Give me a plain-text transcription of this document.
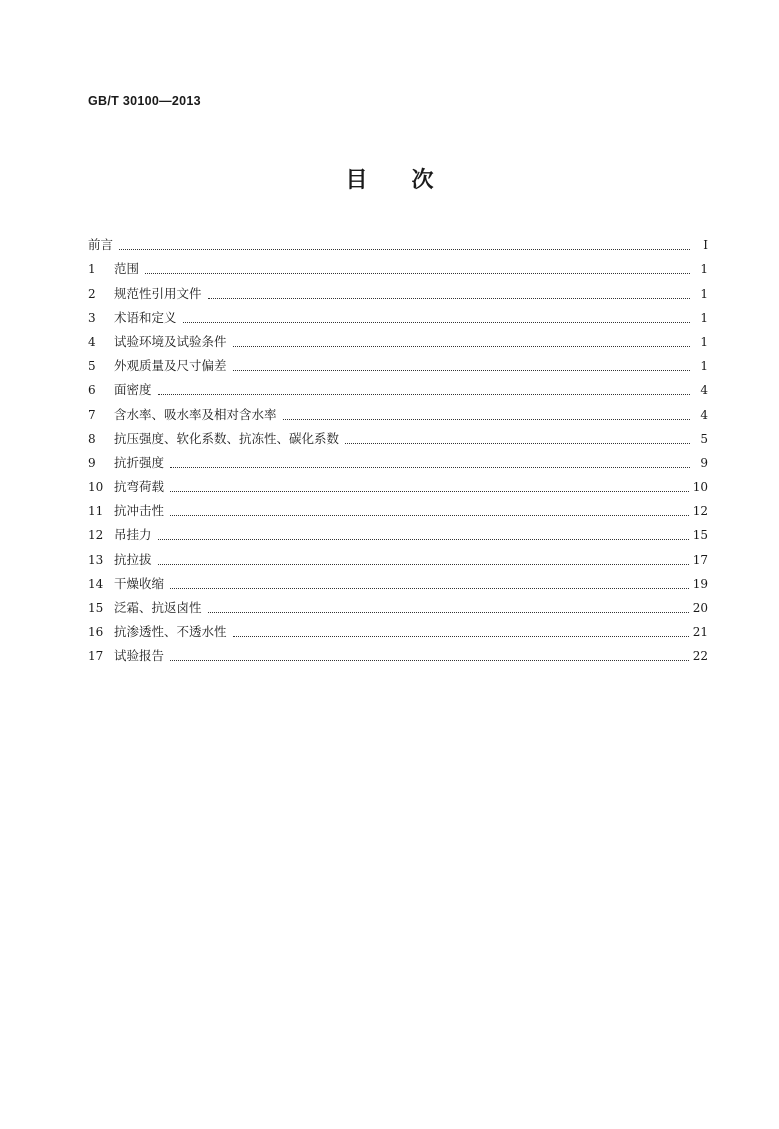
GB/T 30100—2013
目 次
前言	Ⅰ
1	范围	1
2	规范性引用文件	1
3	术语和定义	1
4	试验环境及试验条件	1
5	外观质量及尺寸偏差	1
6	面密度	4
7	含水率、吸水率及相对含水率	4
8	抗压强度、软化系数、抗冻性、碳化系数	5
9	抗折强度	9
10 抗弯荷载	10
11 抗冲击性	12
12 吊挂力	15
13 抗拉拔	17
14 干燥收缩	19
15 泛霜、抗返卤性	20
16 抗渗透性、不透水性	21
17 试验报告	22
